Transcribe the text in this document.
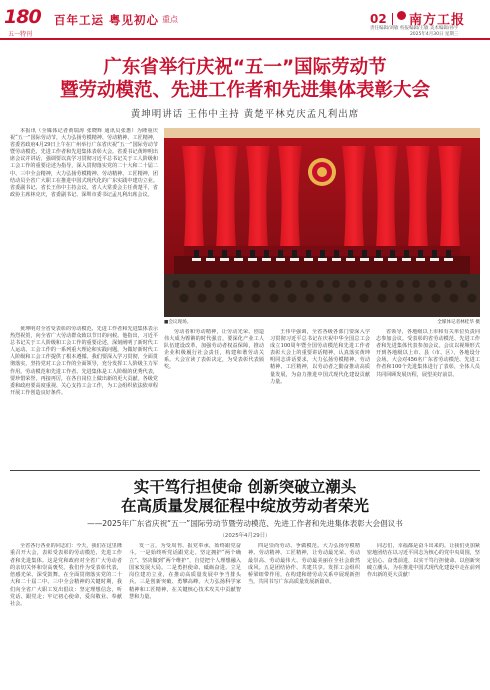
180
五一特刊
百年工运 粤见初心 重点	02 南方工报
责任编辑/刘敏 校报编辑/王敏 美术编辑/孙宇
2025年4月30日 星期三
广东省举行庆祝“五一”国际劳动节
暨劳动模范、先进工作者和先进集体表彰大会
黄坤明讲话 王伟中主持 黄楚平林克庆孟凡利出席

本报讯（全媒体记者黄瑞涛 张晓辉 通讯员张惠）为隆重庆祝“五一”国际劳动节，大力弘扬劳模精神、劳动精神、工匠精神，省委省政府4月29日上午在广州举行广东省庆祝“五一”国际劳动节暨劳动模范、先进工作者和先进集体表彰大会。省委书记黄坤明出席会议并讲话，强调要以真学习贯彻习近平总书记关于工人阶级和工会工作的重要论述为指导，深入贯彻落实党的二十大和二十届二中、三中全会精神，大力弘扬劳模精神、劳动精神、工匠精神，团结动员全省广大职工在推进中国式现代化的广东实践中建功立业。省委副书记、省长王伟中主持会议。省人大常委会主任黄楚平，省政协主席林克庆，省委副书记、深圳市委书记孟凡利出席会议。

黄坤明对全省受表彰的劳动模范、先进工作者和先进集体表示热烈祝贺，向全省广大劳动群众致以节日的问候。他指出，习近平总书记关于工人阶级和工会工作的重要论述，深刻阐明了新时代工人运动、工会工作的一系列重大理论和实践问题，为做好新时代工人阶级和工会工作提供了根本遵循。我们要深入学习贯彻，全面贯彻落实，坚持党对工会工作的全面领导，充分发挥工人阶级主力军作用。劳动模范和先进工作者、先进集体是工人阶级的优秀代表，要珍惜荣誉，再接再厉，在各自岗位上做出新的更大贡献。各级党委和政府要高度重视、关心支持工会工作，为工会组织依法依章程开展工作创造良好条件。

■会议现场。	全媒体记者林桂华 摄

劳动者和劳动精神，让劳动光荣、创造伟大成为铿锵的时代强音。要深化产业工人队伍建设改革，加强劳动者权益保障，推动企业积极履行社会责任，构建和谐劳动关系。大会宣读了表彰决定，为受表彰代表颁奖。

王伟中强调，全省各级各部门要深入学习贯彻习近平总书记在庆祝中华全国总工会成立100周年暨全国劳动模范和先进工作者表彰大会上的重要讲话精神，认真落实黄坤明同志讲话要求，大力弘扬劳模精神、劳动精神、工匠精神，以劳动者之勤奋推动高质量发展，为奋力推进中国式现代化建设贡献力量。

省领导，各地级以上市和有关单位负责同志参加会议。受表彰的省劳动模范、先进工作者和先进集体代表参加会议。会议以视频形式开到各地级以上市、县（市、区），各地设分会场。大会对456名广东省劳动模范、先进工作者和100个先进集体进行了表彰，全体人员共同回顾发展历程，展望美好前景。

实干笃行担使命 创新突破立潮头
在高质量发展征程中绽放劳动者荣光
——2025年广东省庆祝“五一”国际劳动节暨劳动模范、先进工作者和先进集体表彰大会倡议书
（2025年4月29日）

全省各行各业的同志们：今天，我们在这里隆重召开大会，表彰受表彰的劳动模范、先进工作者和先进集体。这是党和政府对全省广大劳动者的亲切关怀和崇高褒奖。我们作为受表彰代表，倍感光荣、深受鼓舞。在全面贯彻落实党的二十大和二十届二中、三中全会精神的关键时期，我们向全省广大职工发出倡议：坚定理想信念，听党话、跟党走；牢记初心使命，爱岗敬业、奉献社会。

发一言，为受周刊、报党奉承，始终跟党奋斗。一是始终听党话跟党走。坚定拥护“两个确立”、坚决做到“两个维护”，自觉把个人理想融入国家发展大局。二是勇担使命、砥砺奋进。立足岗位建功立业，在推动高质量发展中争当排头兵。三是创新突破、勇攀高峰。大力弘扬科学家精神和工匠精神，在关键核心技术攻关中贡献智慧和力量。

四是崇尚劳动、争做模范。大力弘扬劳模精神、劳动精神、工匠精神，让劳动最光荣、劳动最崇高、劳动最伟大、劳动最美丽在全社会蔚然成风。五是团结协作、共建共享。发挥工会组织桥梁纽带作用，在构建和谐劳动关系中展现新担当，共同书写广东高质量发展新篇章。

同志们，幸福都是奋斗出来的。让我们更加紧密地团结在以习近平同志为核心的党中央周围，坚定信心、奋勇前进，以实干笃行担使命、以创新突破立潮头，为在推进中国式现代化建设中走在前列作出新的更大贡献！
